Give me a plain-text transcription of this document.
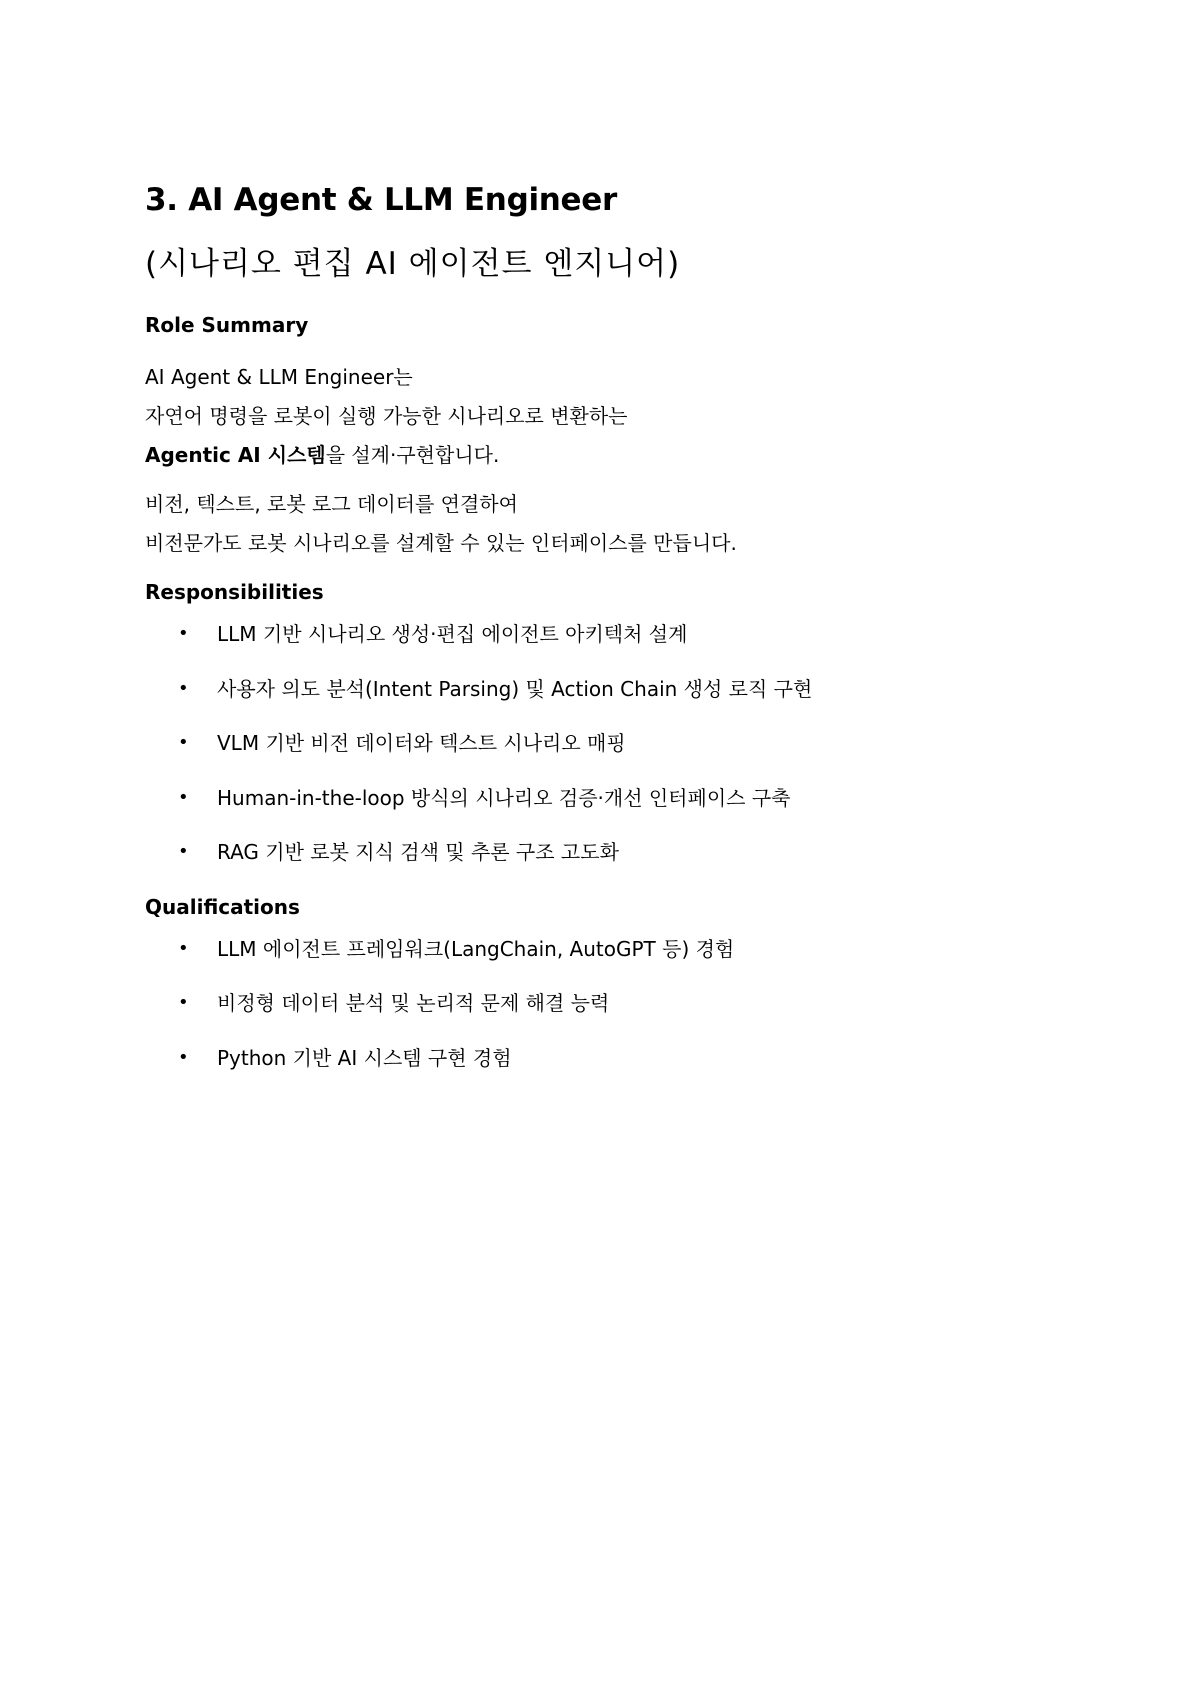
3. AI Agent & LLM Engineer
(시나리오 편집 AI 에이전트 엔지니어)
Role Summary

AI Agent & LLM Engineer는
자연어 명령을 로봇이 실행 가능한 시나리오로 변환하는
Agentic AI 시스템을 설계·구현합니다.

비전, 텍스트, 로봇 로그 데이터를 연결하여
비전문가도 로봇 시나리오를 설계할 수 있는 인터페이스를 만듭니다.

Responsibilities
• LLM 기반 시나리오 생성·편집 에이전트 아키텍처 설계
• 사용자 의도 분석(Intent Parsing) 및 Action Chain 생성 로직 구현
• VLM 기반 비전 데이터와 텍스트 시나리오 매핑
• Human-in-the-loop 방식의 시나리오 검증·개선 인터페이스 구축
• RAG 기반 로봇 지식 검색 및 추론 구조 고도화
Qualifications
• LLM 에이전트 프레임워크(LangChain, AutoGPT 등) 경험
• 비정형 데이터 분석 및 논리적 문제 해결 능력
• Python 기반 AI 시스템 구현 경험
